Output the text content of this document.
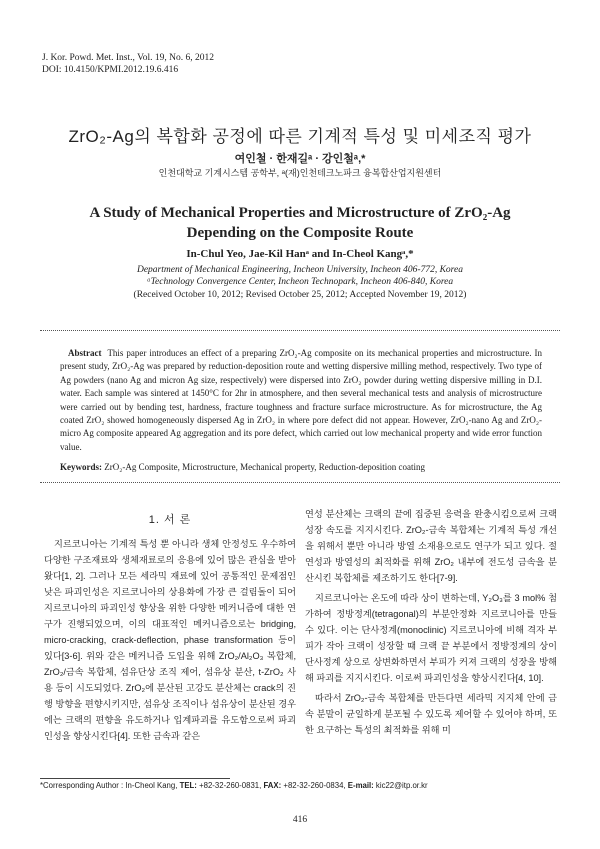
J. Kor. Powd. Met. Inst., Vol. 19, No. 6, 2012
DOI: 10.4150/KPMI.2012.19.6.416
ZrO₂-Ag의 복합화 공정에 따른 기계적 특성 및 미세조직 평가
여인철 · 한재길ᵃ · 강인철ᵃ,*
인천대학교 기계시스템 공학부, ᵃ(재)인천테크노파크 융복합산업지원센터
A Study of Mechanical Properties and Microstructure of ZrO₂-Ag
Depending on the Composite Route
In-Chul Yeo, Jae-Kil Hanᵃ and In-Cheol Kangᵃ,*
Department of Mechanical Engineering, Incheon University, Incheon 406-772, Korea
ᵃTechnology Convergence Center, Incheon Technopark, Incheon 406-840, Korea
(Received October 10, 2012; Revised October 25, 2012; Accepted November 19, 2012)
Abstract This paper introduces an effect of a preparing ZrO₂-Ag composite on its mechanical properties and microstructure. In present study, ZrO₂-Ag was prepared by reduction-deposition route and wetting dispersive milling method, respectively. Two type of Ag powders (nano Ag and micron Ag size, respectively) were dispersed into ZrO₂ powder during wetting dispersive milling in D.I. water. Each sample was sintered at 1450°C for 2hr in atmosphere, and then several mechanical tests and analysis of microstructure were carried out by bending test, hardness, fracture toughness and fracture surface microstructure. As for microstructure, the Ag coated ZrO₂ showed homogeneously dispersed Ag in ZrO₂ in where pore defect did not appear. However, ZrO₂-nano Ag and ZrO₂-micro Ag composite appeared Ag aggregation and its pore defect, which carried out low mechanical property and wide error function value.
Keywords: ZrO₂-Ag Composite, Microstructure, Mechanical property, Reduction-deposition coating
1. 서 론

지르코니아는 기계적 특성 뿐 아니라 생체 안정성도 우수하여 다양한 구조재료와 생체재료로의 응용에 있어 많은 관심을 받아왔다[1, 2]. 그러나 모든 세라믹 재료에 있어 공통적인 문제점인 낮은 파괴인성은 지르코니아의 상용화에 가장 큰 걸림돌이 되어 지르코니아의 파괴인성 향상을 위한 다양한 메커니즘에 대한 연구가 진행되었으며, 이의 대표적인 메커니즘으로는 bridging, micro-cracking, crack-deflection, phase transformation 등이 있다[3-6]. 위와 같은 메커니즘 도입을 위해 ZrO₂/Al₂O₃ 복합체, ZrO₂/금속 복합체, 섬유단상 조직 제어, 섬유상 분산, t-ZrO₂ 사용 등이 시도되었다. ZrO₂에 분산된 고강도 분산체는 crack의 진행 방향을 편향시키지만, 섬유상 조직이나 섬유상이 분산된 경우에는 크랙의 편향을 유도하거나 입계파괴를 유도함으로써 파괴인성을 향상시킨다[4]. 또한 금속과 같은

연성 분산체는 크랙의 끝에 집중된 응력을 완충시킴으로써 크랙 성장 속도를 지지시킨다. ZrO₂-금속 복합체는 기계적 특성 개선을 위해서 뿐만 아니라 방열 소재용으로도 연구가 되고 있다. 절연성과 방열성의 최적화를 위해 ZrO₂ 내부에 전도성 금속을 분산시킨 복합체를 제조하기도 한다[7-9].

지르코니아는 온도에 따라 상이 변하는데, Y₂O₃를 3 mol% 첨가하여 정방정계(tetragonal)의 부분안정화 지르코니아를 만들 수 있다. 이는 단사정계(monoclinic) 지르코니아에 비해 격자 부피가 작아 크랙이 성장할 때 크랙 끝 부분에서 정방정계의 상이 단사정계 상으로 상변화하면서 부피가 커져 크랙의 성장을 방해해 파괴를 지지시킨다. 이로써 파괴인성을 향상시킨다[4, 10].

따라서 ZrO₂-금속 복합체를 만든다면 세라믹 지지체 안에 금속 분말이 균일하게 분포될 수 있도록 제어할 수 있어야 하며, 또한 요구하는 특성의 최적화를 위해 미

*Corresponding Author : In-Cheol Kang, TEL: +82-32-260-0831, FAX: +82-32-260-0834, E-mail: kic22@itp.or.kr
416
